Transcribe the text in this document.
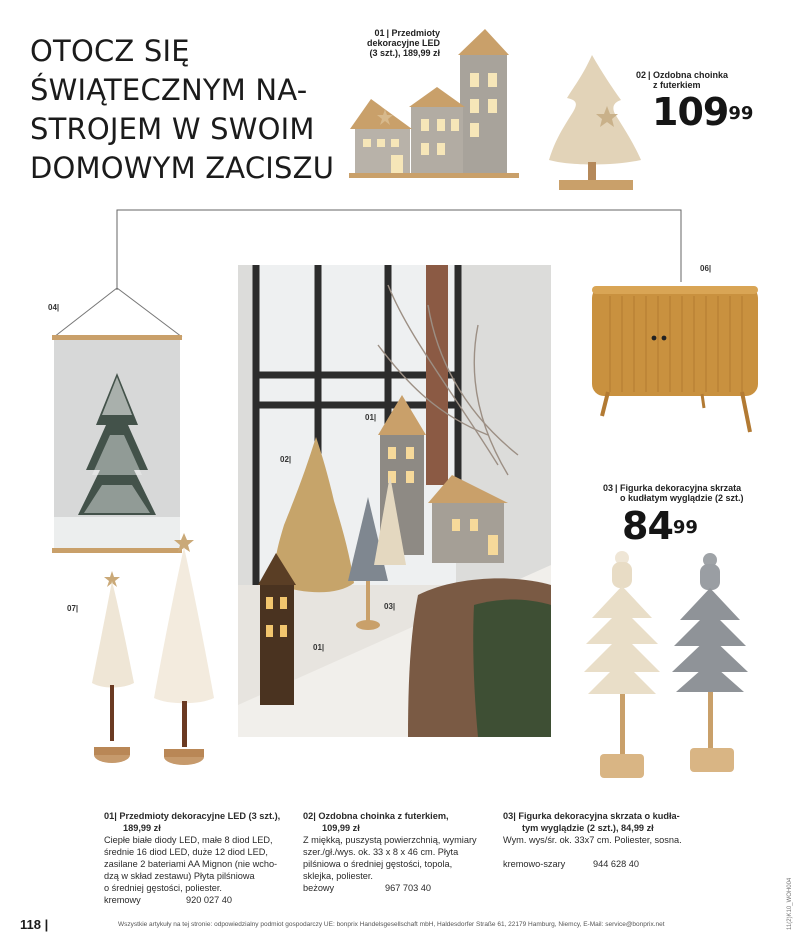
OTOCZ SIĘ
ŚWIĄTECZNYM NA-
STROJEM W SWOIM
DOMOWYM ZACISZU
01 | Przedmioty
dekoracyjne LED
(3 szt.), 189,99 zł
02 | Ozdobna choinka
z futerkiem
$109^{99}$
04|
06|
01|
02|
03|
01|
07|
03 | Figurka dekoracyjna skrzata
o kudłatym wyglądzie (2 szt.)
$84^{99}$
01| Przedmioty dekoracyjne LED (3 szt.),
189,99 zł
Ciepłe białe diody LED, małe 8 diod LED,
średnie 16 diod LED, duże 12 diod LED,
zasilane 2 bateriami AA Mignon (nie wcho-
dzą w skład zestawu) Płyta pilśniowa
o średniej gęstości, poliester.
kremowy	920 027 40
02| Ozdobna choinka z futerkiem,
109,99 zł
Z miękką, puszystą powierzchnią, wymiary
szer./gł./wys. ok. 33 x 8 x 46 cm. Płyta
pilśniowa o średniej gęstości, topola,
sklejka, poliester.
beżowy	967 703 40
03| Figurka dekoracyjna skrzata o kudła-
tym wyglądzie (2 szt.), 84,99 zł
Wym. wys/śr. ok. 33x7 cm. Poliester, sosna.
kremowo-szary	944 628 40
118 |	Wszystkie artykuły na tej stronie: odpowiedzialny podmiot gospodarczy UE: bonprix Handelsgesellschaft mbH, Haldesdorfer Straße 61, 22179 Hamburg, Niemcy, E-Mail: service@bonprix.net	11(2)K10_WOH004
